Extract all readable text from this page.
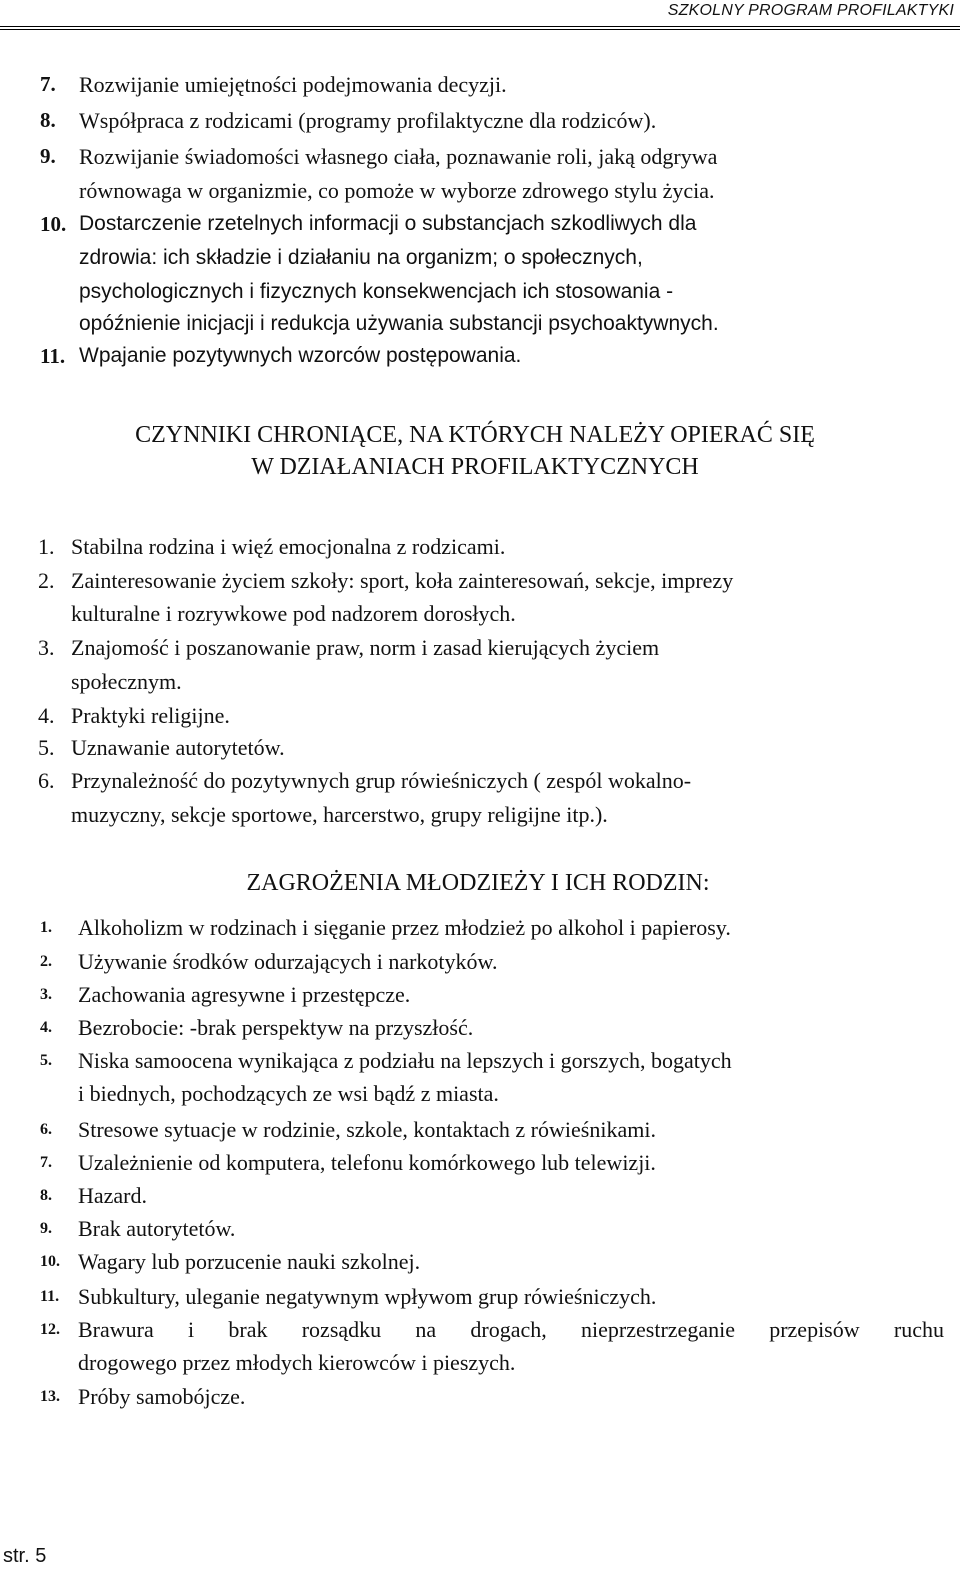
SZKOLNY PROGRAM PROFILAKTYKI
7. Rozwijanie umiejętności podejmowania decyzji.
8. Współpraca z rodzicami (programy profilaktyczne dla rodziców).
9. Rozwijanie świadomości własnego ciała, poznawanie roli, jaką odgrywa
równowaga w organizmie, co pomoże w wyborze zdrowego stylu życia.
10. Dostarczenie rzetelnych informacji o substancjach szkodliwych dla
zdrowia: ich składzie i działaniu na organizm; o społecznych,
psychologicznych i fizycznych konsekwencjach ich stosowania -
opóźnienie inicjacji i redukcja używania substancji psychoaktywnych.
11. Wpajanie pozytywnych wzorców postępowania.
CZYNNIKI CHRONIĄCE, NA KTÓRYCH NALEŻY OPIERAĆ SIĘ
W DZIAŁANIACH PROFILAKTYCZNYCH
1. Stabilna rodzina i więź emocjonalna z rodzicami.
2. Zainteresowanie życiem szkoły: sport, koła zainteresowań, sekcje, imprezy
kulturalne i rozrywkowe pod nadzorem dorosłych.
3. Znajomość i poszanowanie praw, norm i zasad kierujących życiem
społecznym.
4. Praktyki religijne.
5. Uznawanie autorytetów.
6. Przynależność do pozytywnych grup rówieśniczych ( zespól wokalno-
muzyczny, sekcje sportowe, harcerstwo, grupy religijne itp.).
ZAGROŻENIA MŁODZIEŻY I ICH RODZIN:
1. Alkoholizm w rodzinach i sięganie przez młodzież po alkohol i papierosy.
2. Używanie środków odurzających i narkotyków.
3. Zachowania agresywne i przestępcze.
4. Bezrobocie: -brak perspektyw na przyszłość.
5. Niska samoocena wynikająca z podziału na lepszych i gorszych, bogatych
i biednych, pochodzących ze wsi bądź z miasta.
6. Stresowe sytuacje w rodzinie, szkole, kontaktach z rówieśnikami.
7. Uzależnienie od komputera, telefonu komórkowego lub telewizji.
8. Hazard.
9. Brak autorytetów.
10. Wagary lub porzucenie nauki szkolnej.
11. Subkultury, uleganie negatywnym wpływom grup rówieśniczych.
12. Brawura i brak rozsądku na drogach, nieprzestrzeganie przepisów ruchu
drogowego przez młodych kierowców i pieszych.
13. Próby samobójcze.
str. 5
